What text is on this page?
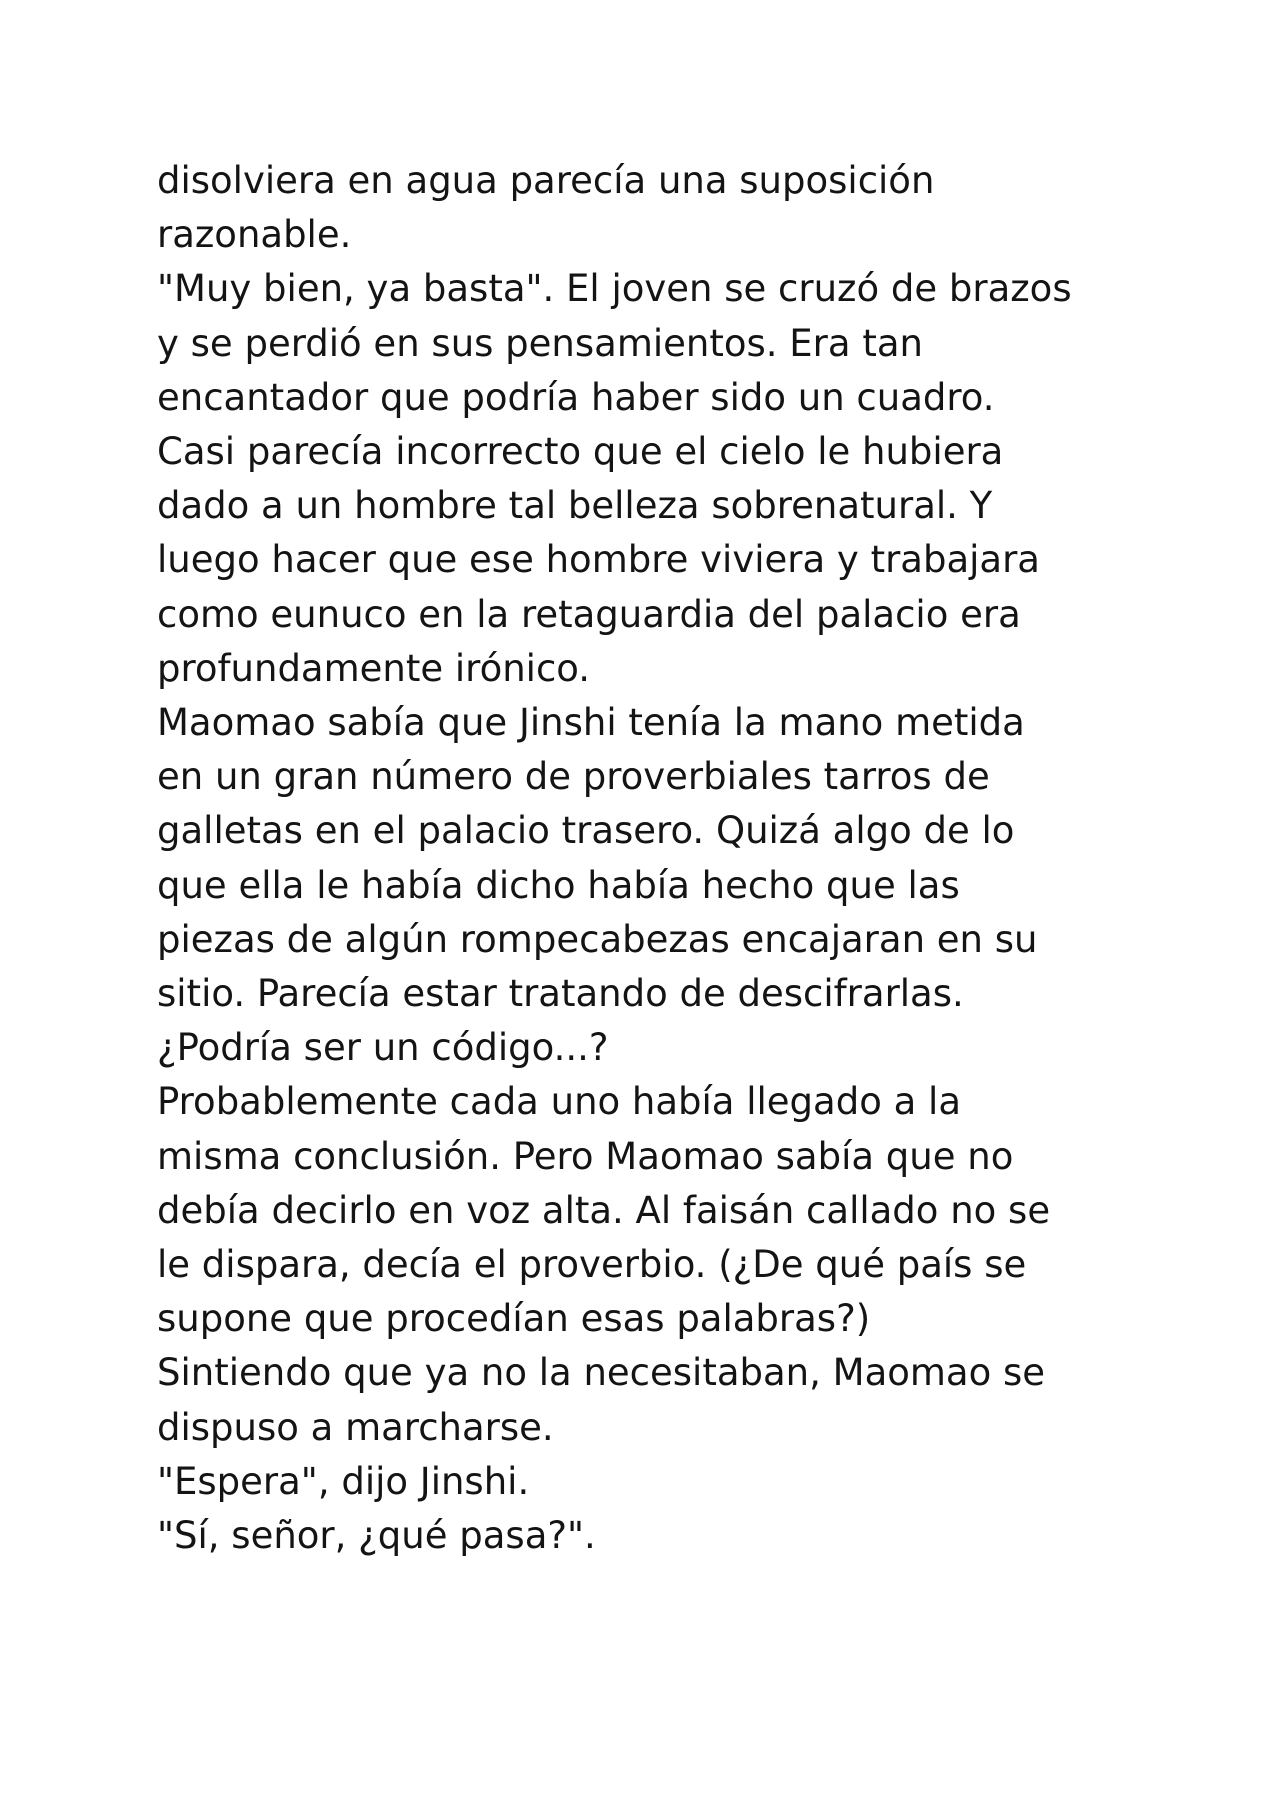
disolviera en agua parecía una suposición
razonable.
"Muy bien, ya basta". El joven se cruzó de brazos
y se perdió en sus pensamientos. Era tan
encantador que podría haber sido un cuadro.
Casi parecía incorrecto que el cielo le hubiera
dado a un hombre tal belleza sobrenatural. Y
luego hacer que ese hombre viviera y trabajara
como eunuco en la retaguardia del palacio era
profundamente irónico.
Maomao sabía que Jinshi tenía la mano metida
en un gran número de proverbiales tarros de
galletas en el palacio trasero. Quizá algo de lo
que ella le había dicho había hecho que las
piezas de algún rompecabezas encajaran en su
sitio. Parecía estar tratando de descifrarlas.
¿Podría ser un código...?
Probablemente cada uno había llegado a la
misma conclusión. Pero Maomao sabía que no
debía decirlo en voz alta. Al faisán callado no se
le dispara, decía el proverbio. (¿De qué país se
supone que procedían esas palabras?)
Sintiendo que ya no la necesitaban, Maomao se
dispuso a marcharse.
"Espera", dijo Jinshi.
"Sí, señor, ¿qué pasa?".
